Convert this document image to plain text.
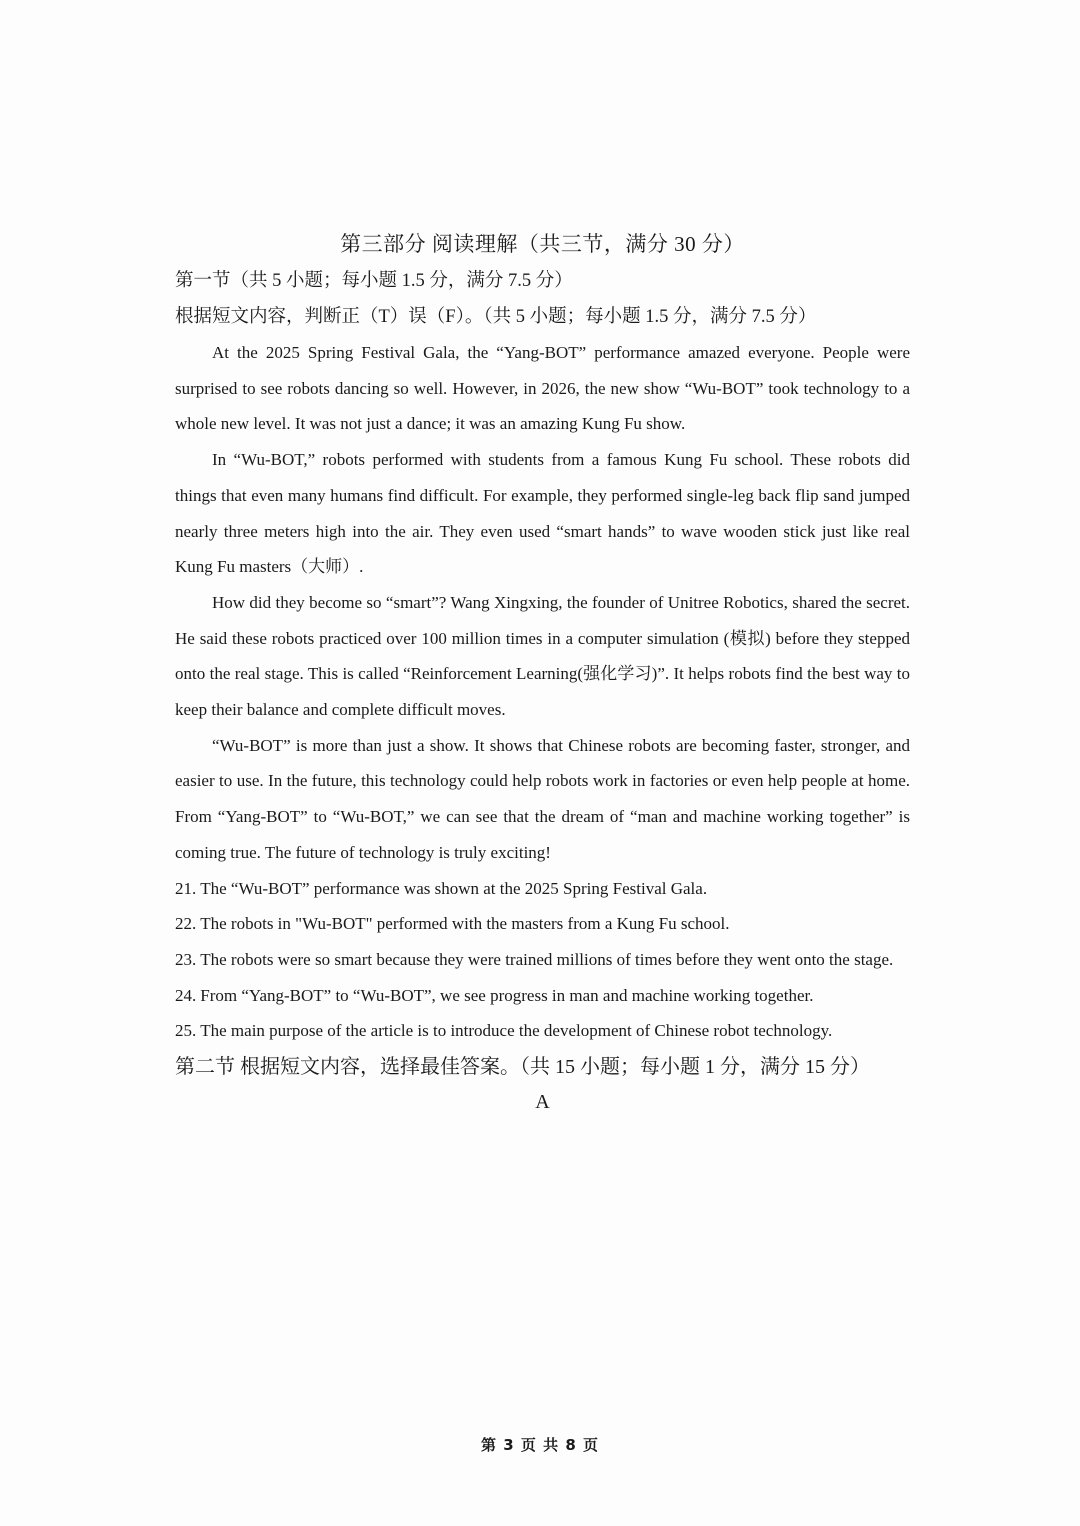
第三部分 阅读理解（共三节，满分 30 分）

第一节（共 5 小题；每小题 1.5 分，满分 7.5 分）

根据短文内容，判断正（T）误（F）。（共 5 小题；每小题 1.5 分，满分 7.5 分）

At the 2025 Spring Festival Gala, the “Yang-BOT” performance amazed everyone. People were surprised to see robots dancing so well. However, in 2026, the new show “Wu-BOT” took technology to a whole new level. It was not just a dance; it was an amazing Kung Fu show.

In “Wu-BOT,” robots performed with students from a famous Kung Fu school. These robots did things that even many humans find difficult. For example, they performed single-leg back flip sand jumped nearly three meters high into the air. They even used “smart hands” to wave wooden stick just like real Kung Fu masters（大师）.

How did they become so “smart”? Wang Xingxing, the founder of Unitree Robotics, shared the secret. He said these robots practiced over 100 million times in a computer simulation (模拟) before they stepped onto the real stage. This is called “Reinforcement Learning(强化学习)”. It helps robots find the best way to keep their balance and complete difficult moves.

“Wu-BOT” is more than just a show. It shows that Chinese robots are becoming faster, stronger, and easier to use. In the future, this technology could help robots work in factories or even help people at home. From “Yang-BOT” to “Wu-BOT,” we can see that the dream of “man and machine working together” is coming true. The future of technology is truly exciting!

21. The “Wu-BOT” performance was shown at the 2025 Spring Festival Gala.
22. The robots in "Wu-BOT" performed with the masters from a Kung Fu school.
23. The robots were so smart because they were trained millions of times before they went onto the stage.
24. From “Yang-BOT” to “Wu-BOT”, we see progress in man and machine working together.
25. The main purpose of the article is to introduce the development of Chinese robot technology.

第二节 根据短文内容，选择最佳答案。（共 15 小题；每小题 1 分，满分 15 分）

A

第 3 页 共 8 页
